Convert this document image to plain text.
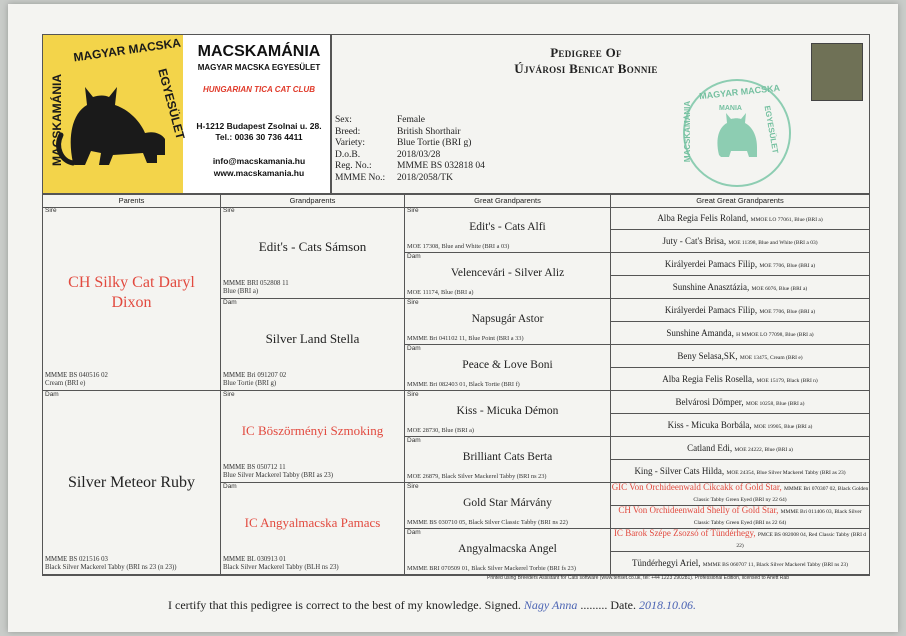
MAGYAR MACSKA
MACSKAMÁNIA	EGYESÜLET
MACSKAMÁNIA
MAGYAR MACSKA EGYESÜLET
HUNGARIAN TICA CAT CLUB
H-1212 Budapest Zsolnai u. 28.
Tel.: 0036 30 736 4411
info@macskamania.hu
www.macskamania.hu
Pedigree Of
Újvárosi Benicat Bonnie
MAGYAR MACSKA
MANIA
MACSKAMÁNIA	EGYESÜLET
Sex:	Female
Breed:	British Shorthair
Variety:	Blue Tortie (BRI g)
D.o.B.	2018/03/28
Reg. No.:	MMME BS 032818 04
MMME No.:	2018/2058/TK
Parents	Grandparents	Great Grandparents	Great Great Grandparents
Sire
CH Silky Cat Daryl Dixon
MMME BS 040516 02
Cream (BRI e)
Dam
Silver Meteor Ruby
MMME BS 021516 03
Black Silver Mackerel Tabby (BRI ns 23 (n 23))
Sire
Edit's - Cats Sámson
MMME BRI 052808 11
Blue (BRI a)
Dam
Silver Land Stella
MMME Bri 091207 02
Blue Tortie (BRI g)
Sire
IC Böszörményi Szmoking
MMME BS 050712 11
Blue Silver Mackerel Tabby (BRI as 23)
Dam
IC Angyalmacska Pamacs
MMME BL 030913 01
Black Silver Mackerel Tabby (BLH ns 23)
Sire
Edit's - Cats Alfi
MOE 17308, Blue and White (BRI a 03)
Dam
Velencevári - Silver Aliz
MOE 11174, Blue (BRI a)
Sire
Napsugár Astor
MMME Bri 041102 11, Blue Point (BRI a 33)
Dam
Peace & Love Boni
MMME Bri 082403 01, Black Tortie (BRI f)
Sire
Kiss - Micuka Démon
MOE 28730, Blue (BRI a)
Dam
Brilliant Cats Berta
MOE 26879, Black Silver Mackerel Tabby (BRI ns 23)
Sire
Gold Star Márvány
MMME BS 030710 05, Black Silver Classic Tabby (BRI ns 22)
Dam
Angyalmacska Angel
MMME BRI 070509 01, Black Silver Mackerel Torbie (BRI fs 23)
Alba Regia Felis Roland, MMOE LO 77061, Blue (BRI a)
Juty - Cat's Brisa, MOE 11398, Blue and White (BRI a 03)
Királyerdei Pamacs Filip, MOE 7706, Blue (BRI a)
Sunshine Anasztázia, MOE 6076, Blue (BRI a)
Királyerdei Pamacs Filip, MOE 7706, Blue (BRI a)
Sunshine Amanda, H MMOE LO 77098, Blue (BRI a)
Beny Selasa,SK, MOE 13475, Cream (BRI e)
Alba Regia Felis Rosella, MOE 15179, Black (BRI n)
Belvárosi Dömper, MOE 10258, Blue (BRI a)
Kiss - Micuka Borbála, MOE 19905, Blue (BRI a)
Catland Edi, MOE 24222, Blue (BRI a)
King - Silver Cats Hilda, MOE 24354, Blue Silver Mackerel Tabby (BRI as 23)
GIC Von Orchideenwald Cikcakk of Gold Star, MMME Bri 070307 02, Black Golden Classic Tabby Green Eyed (BRI ny 22 64)
CH Von Orchideenwald Shelly of Gold Star, MMME Bri 011406 03, Black Silver Classic Tabby Green Eyed (BRI ns 22 64)
IC Barok Szépe Zsozsó of Tündérhegy, PMCE BS 082008 04, Red Classic Tabby (BRI d 22)
Tündérhegyi Ariel, MMME BS 060707 11, Black Silver Mackerel Tabby (BRI ns 23)
Printed using Breeders Assistant for Cats software (www.tenset.co.uk, tel: +44 1223 290281). Professional Edition, licensed to Anett Rab
I certify that this pedigree is correct to the best of my knowledge. Signed. Nagy Anna ......... Date. 2018.10.06.
